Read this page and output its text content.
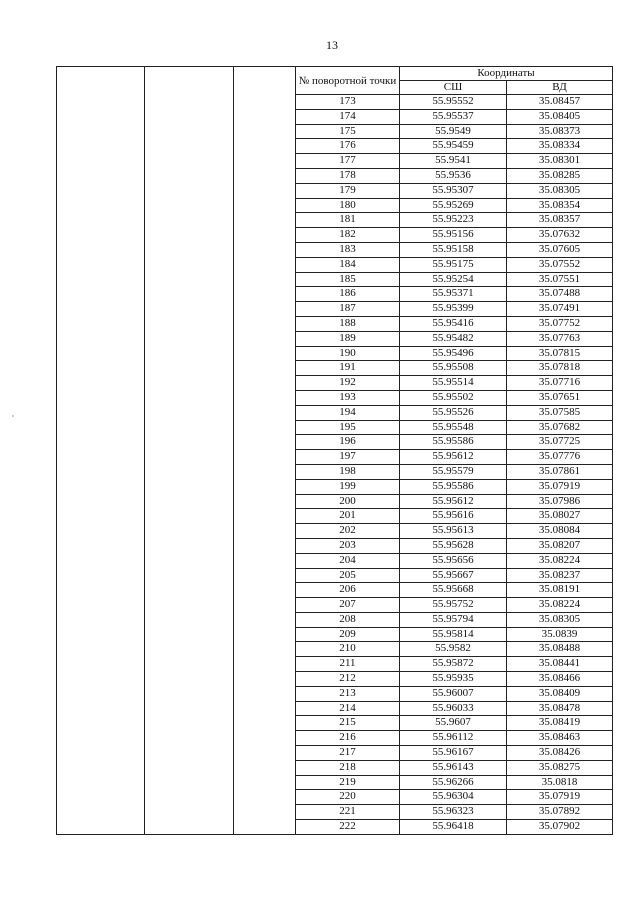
13
			№ поворотной точки	Координаты	
				СШ	ВД
			173	55.95552	35.08457
			174	55.95537	35.08405
			175	55.9549	35.08373
			176	55.95459	35.08334
			177	55.9541	35.08301
			178	55.9536	35.08285
			179	55.95307	35.08305
			180	55.95269	35.08354
			181	55.95223	35.08357
			182	55.95156	35.07632
			183	55.95158	35.07605
			184	55.95175	35.07552
			185	55.95254	35.07551
			186	55.95371	35.07488
			187	55.95399	35.07491
			188	55.95416	35.07752
			189	55.95482	35.07763
			190	55.95496	35.07815
			191	55.95508	35.07818
			192	55.95514	35.07716
			193	55.95502	35.07651
			194	55.95526	35.07585
			195	55.95548	35.07682
			196	55.95586	35.07725
			197	55.95612	35.07776
			198	55.95579	35.07861
			199	55.95586	35.07919
			200	55.95612	35.07986
			201	55.95616	35.08027
			202	55.95613	35.08084
			203	55.95628	35.08207
			204	55.95656	35.08224
			205	55.95667	35.08237
			206	55.95668	35.08191
			207	55.95752	35.08224
			208	55.95794	35.08305
			209	55.95814	35.0839
			210	55.9582	35.08488
			211	55.95872	35.08441
			212	55.95935	35.08466
			213	55.96007	35.08409
			214	55.96033	35.08478
			215	55.9607	35.08419
			216	55.96112	35.08463
			217	55.96167	35.08426
			218	55.96143	35.08275
			219	55.96266	35.0818
			220	55.96304	35.07919
			221	55.96323	35.07892
			222	55.96418	35.07902
